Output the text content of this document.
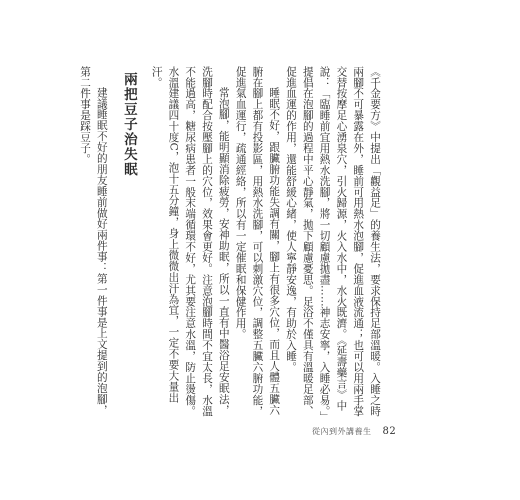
《千金要方》中提出「觀益足」的養生法，要求保持足部溫暖。入睡之時兩腳不可暴露在外，睡前可用熱水泡腳，促進血液流通；也可以用兩手掌交替按摩足心湧泉穴，引火歸源，火入水中，水火既濟。《延壽藥言》中說：「臨睡前宜用熱水洗腳，將一切顧慮拋盡……神志安寧，入睡必易。」提倡在泡腳的過程中平心靜氣，拋下顧慮憂思。足浴不僅具有溫暖足部、促進血運的作用，還能舒緩心緒，使人寧靜安逸，有助於入睡。

睡眠不好，跟臟腑功能失調有關，腳上有很多穴位，而且人體五臟六腑在腳上都有投影區，用熱水洗腳，可以刺激穴位，調整五臟六腑功能，促進氣血運行，疏通經絡，所以有一定催眠和保健作用。

常泡腳，能明顯消除疲勞，安神助眠，所以一直有中醫浴足安眠法，洗腳時配合按壓腳上的穴位，效果會更好。注意泡腳時間不宜太長，水溫不能過高，糖尿病患者一般末端循環不好，尤其要注意水溫，防止燙傷。水溫建議四十度C，泡十五分鐘，身上微微出汗為宜，一定不要大量出汗。

兩把豆子治失眠

建議睡眠不好的朋友睡前做好兩件事：第一件事是上文提到的泡腳，第二件事是踩豆子。

從內到外講養生 82
